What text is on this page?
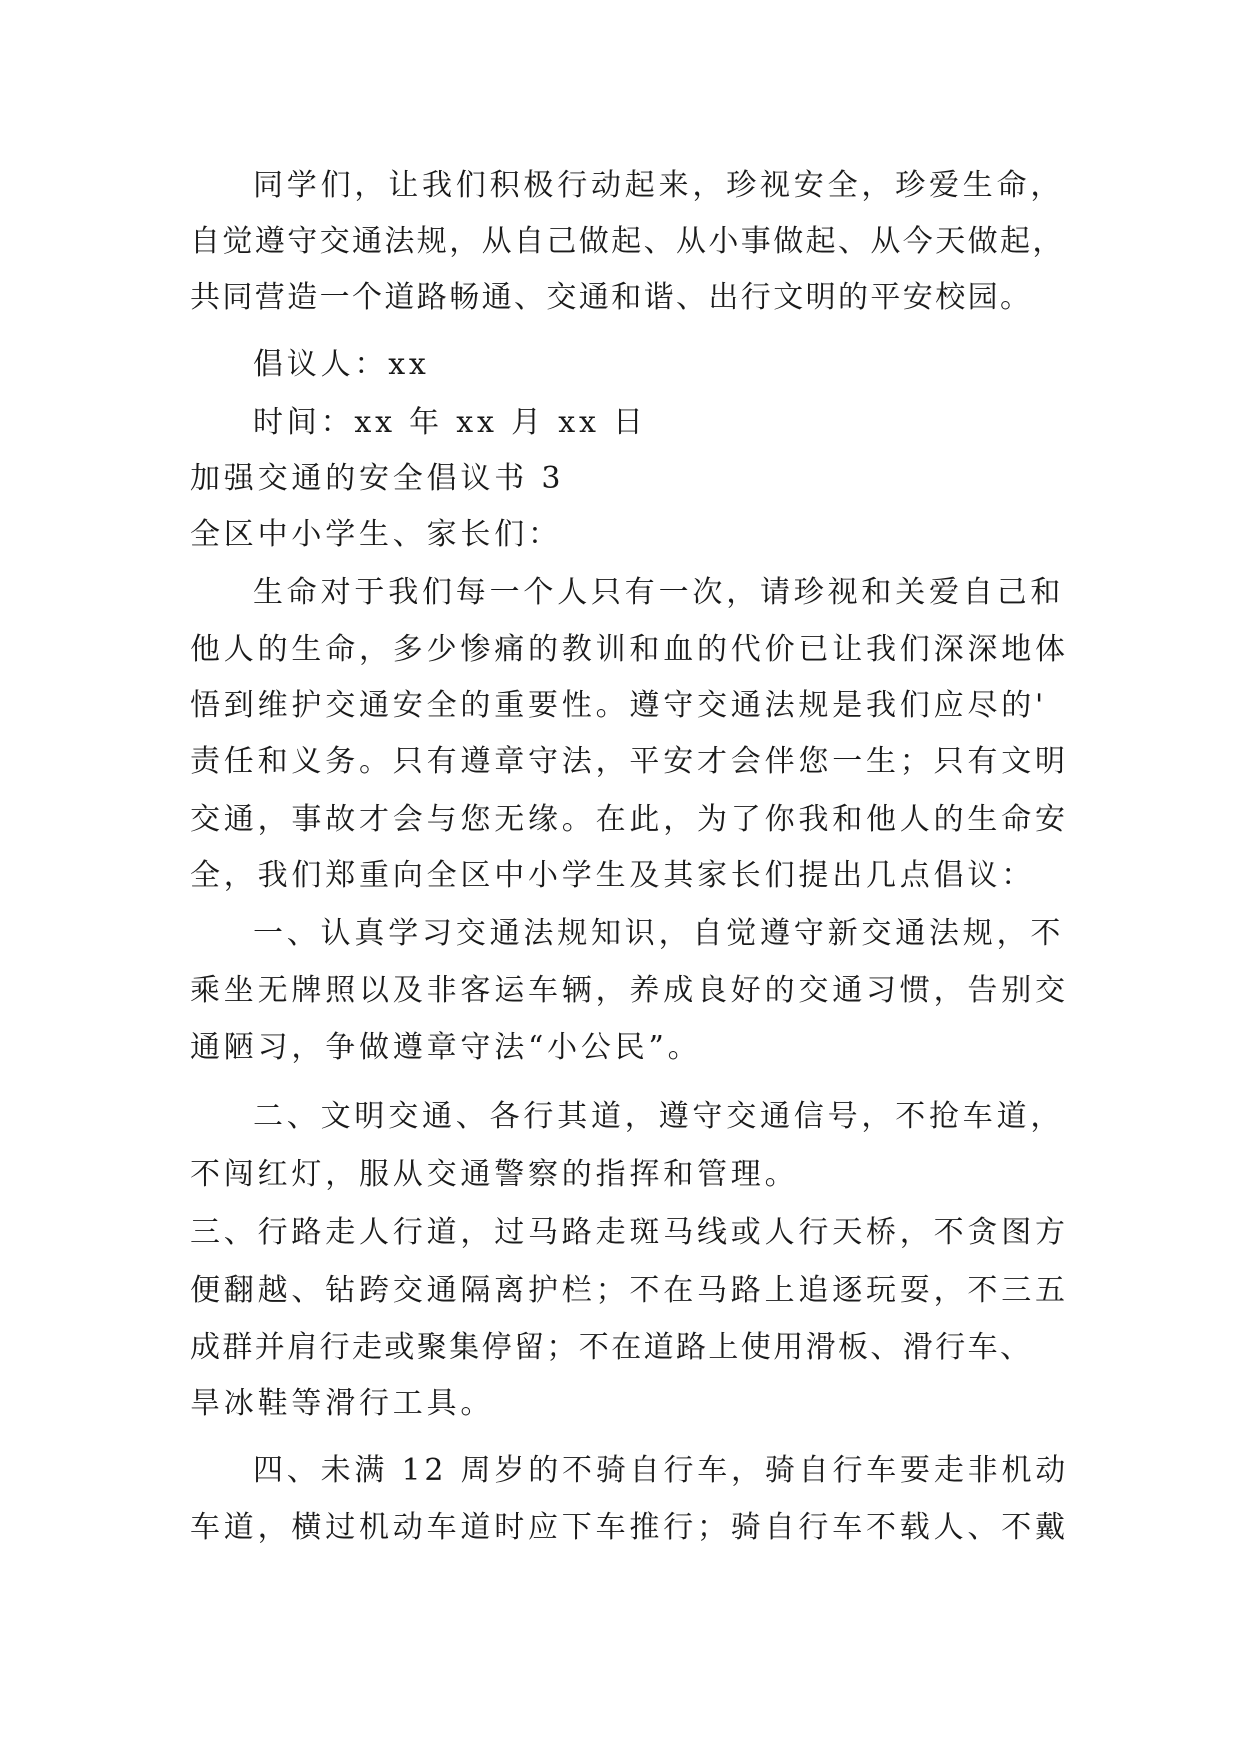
同学们，让我们积极行动起来，珍视安全，珍爱生命，
自觉遵守交通法规，从自己做起、从小事做起、从今天做起，
共同营造一个道路畅通、交通和谐、出行文明的平安校园。
倡议人：xx
时间：xx 年 xx 月 xx 日
加强交通的安全倡议书 3
全区中小学生、家长们：
生命对于我们每一个人只有一次，请珍视和关爱自己和
他人的生命，多少惨痛的教训和血的代价已让我们深深地体
悟到维护交通安全的重要性。遵守交通法规是我们应尽的'
责任和义务。只有遵章守法，平安才会伴您一生；只有文明
交通，事故才会与您无缘。在此，为了你我和他人的生命安
全，我们郑重向全区中小学生及其家长们提出几点倡议：
一、认真学习交通法规知识，自觉遵守新交通法规，不
乘坐无牌照以及非客运车辆，养成良好的交通习惯，告别交
通陋习，争做遵章守法“小公民”。
二、文明交通、各行其道，遵守交通信号，不抢车道，
不闯红灯，服从交通警察的指挥和管理。
三、行路走人行道，过马路走斑马线或人行天桥，不贪图方
便翻越、钻跨交通隔离护栏；不在马路上追逐玩耍，不三五
成群并肩行走或聚集停留；不在道路上使用滑板、滑行车、
旱冰鞋等滑行工具。
四、未满 12 周岁的不骑自行车，骑自行车要走非机动
车道，横过机动车道时应下车推行；骑自行车不载人、不戴
